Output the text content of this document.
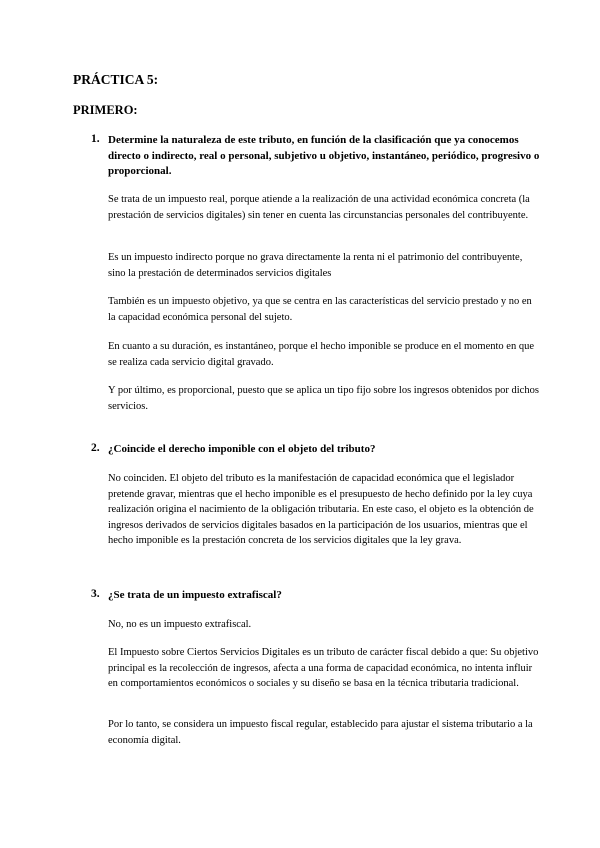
PRÁCTICA 5:
PRIMERO:
1. Determine la naturaleza de este tributo, en función de la clasificación que ya conocemos directo o indirecto, real o personal, subjetivo u objetivo, instantáneo, periódico, progresivo o proporcional.

Se trata de un impuesto real, porque atiende a la realización de una actividad económica concreta (la prestación de servicios digitales) sin tener en cuenta las circunstancias personales del contribuyente.

Es un impuesto indirecto porque no grava directamente la renta ni el patrimonio del contribuyente, sino la prestación de determinados servicios digitales

También es un impuesto objetivo, ya que se centra en las características del servicio prestado y no en la capacidad económica personal del sujeto.

En cuanto a su duración, es instantáneo, porque el hecho imponible se produce en el momento en que se realiza cada servicio digital gravado.

Y por último, es proporcional, puesto que se aplica un tipo fijo sobre los ingresos obtenidos por dichos servicios.

2. ¿Coincide el derecho imponible con el objeto del tributo?

No coinciden. El objeto del tributo es la manifestación de capacidad económica que el legislador pretende gravar, mientras que el hecho imponible es el presupuesto de hecho definido por la ley cuya realización origina el nacimiento de la obligación tributaria. En este caso, el objeto es la obtención de ingresos derivados de servicios digitales basados en la participación de los usuarios, mientras que el hecho imponible es la prestación concreta de los servicios digitales que la ley grava.

3. ¿Se trata de un impuesto extrafiscal?

No, no es un impuesto extrafiscal.

El Impuesto sobre Ciertos Servicios Digitales es un tributo de carácter fiscal debido a que: Su objetivo principal es la recolección de ingresos, afecta a una forma de capacidad económica, no intenta influir en comportamientos económicos o sociales y su diseño se basa en la técnica tributaria tradicional.

Por lo tanto, se considera un impuesto fiscal regular, establecido para ajustar el sistema tributario a la economía digital.
